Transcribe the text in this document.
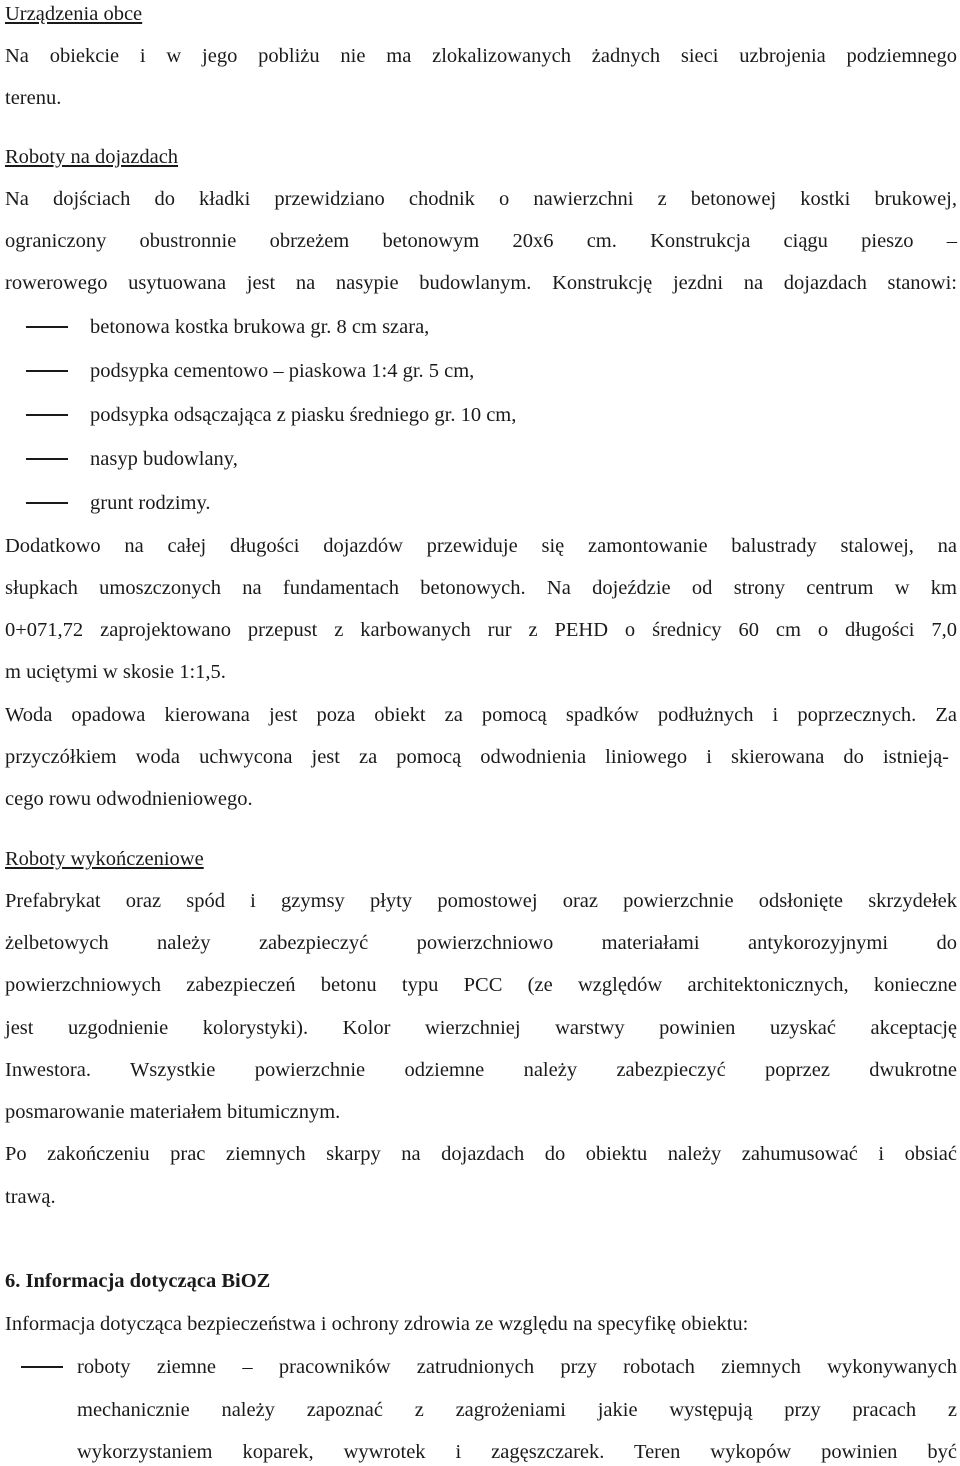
Urządzenia obce
Na obiekcie i w jego pobliżu nie ma zlokalizowanych żadnych sieci uzbrojenia podziemnego
terenu.
Roboty na dojazdach
Na dojściach do kładki przewidziano chodnik o nawierzchni z betonowej kostki brukowej,
ograniczony obustronnie obrzeżem betonowym 20x6 cm. Konstrukcja ciągu pieszo –
rowerowego usytuowana jest na nasypie budowlanym. Konstrukcję jezdni na dojazdach stanowi:
betonowa kostka brukowa gr. 8 cm szara,
podsypka cementowo – piaskowa 1:4 gr. 5 cm,
podsypka odsączająca z piasku średniego gr. 10 cm,
nasyp budowlany,
grunt rodzimy.
Dodatkowo na całej długości dojazdów przewiduje się zamontowanie balustrady stalowej, na
słupkach umoszczonych na fundamentach betonowych. Na dojeździe od strony centrum w km
0+071,72 zaprojektowano przepust z karbowanych rur z PEHD o średnicy 60 cm o długości 7,0
m uciętymi w skosie 1:1,5.
Woda opadowa kierowana jest poza obiekt za pomocą spadków podłużnych i poprzecznych. Za
przyczółkiem woda uchwycona jest za pomocą odwodnienia liniowego i skierowana do istnieją-
cego rowu odwodnieniowego.
Roboty wykończeniowe
Prefabrykat oraz spód i gzymsy płyty pomostowej oraz powierzchnie odsłonięte skrzydełek
żelbetowych należy zabezpieczyć powierzchniowo materiałami antykorozyjnymi do
powierzchniowych zabezpieczeń betonu typu PCC (ze względów architektonicznych, konieczne
jest uzgodnienie kolorystyki). Kolor wierzchniej warstwy powinien uzyskać akceptację
Inwestora. Wszystkie powierzchnie odziemne należy zabezpieczyć poprzez dwukrotne
posmarowanie materiałem bitumicznym.
Po zakończeniu prac ziemnych skarpy na dojazdach do obiektu należy zahumusować i obsiać
trawą.
6. Informacja dotycząca BiOZ
Informacja dotycząca bezpieczeństwa i ochrony zdrowia ze względu na specyfikę obiektu:
roboty ziemne – pracowników zatrudnionych przy robotach ziemnych wykonywanych
mechanicznie należy zapoznać z zagrożeniami jakie występują przy pracach z
wykorzystaniem koparek, wywrotek i zagęszczarek. Teren wykopów powinien być
